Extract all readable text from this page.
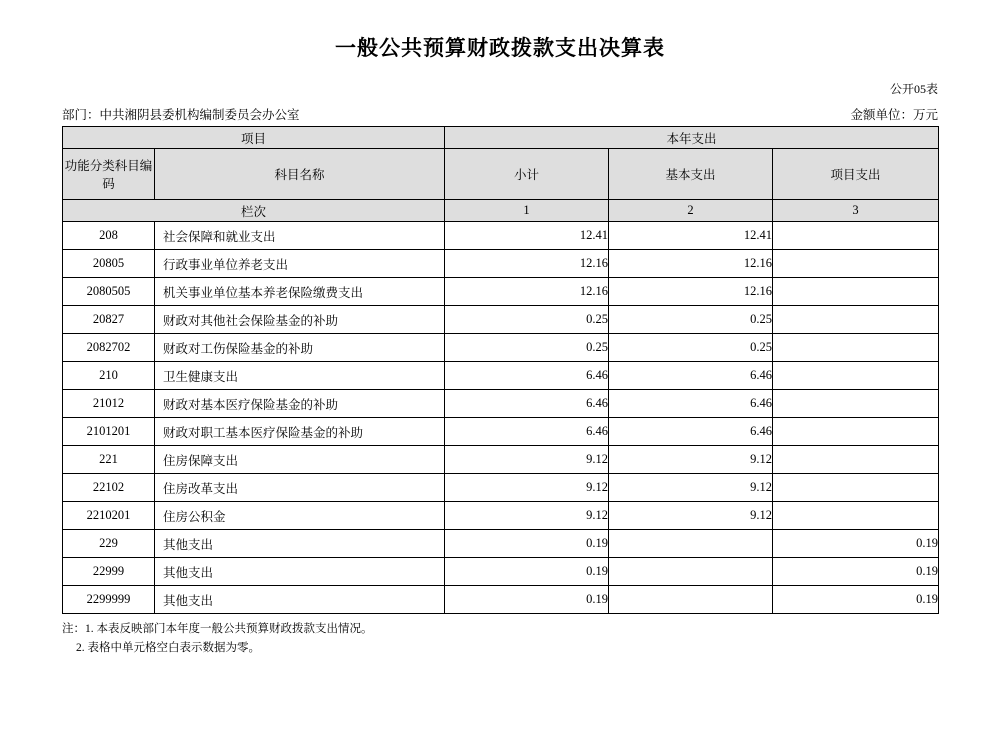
一般公共预算财政拨款支出决算表
公开05表
部门：中共湘阴县委机构编制委员会办公室	金额单位：万元
项目		本年支出		
功能分类科目编码	科目名称	小计	基本支出	项目支出
栏次		1	2	3
208	社会保障和就业支出	12.41	12.41	
20805	行政事业单位养老支出	12.16	12.16	
2080505	机关事业单位基本养老保险缴费支出	12.16	12.16	
20827	财政对其他社会保险基金的补助	0.25	0.25	
2082702	财政对工伤保险基金的补助	0.25	0.25	
210	卫生健康支出	6.46	6.46	
21012	财政对基本医疗保险基金的补助	6.46	6.46	
2101201	财政对职工基本医疗保险基金的补助	6.46	6.46	
221	住房保障支出	9.12	9.12	
22102	住房改革支出	9.12	9.12	
2210201	住房公积金	9.12	9.12	
229	其他支出	0.19		0.19
22999	其他支出	0.19		0.19
2299999	其他支出	0.19		0.19
注：1. 本表反映部门本年度一般公共预算财政拨款支出情况。
2. 表格中单元格空白表示数据为零。
